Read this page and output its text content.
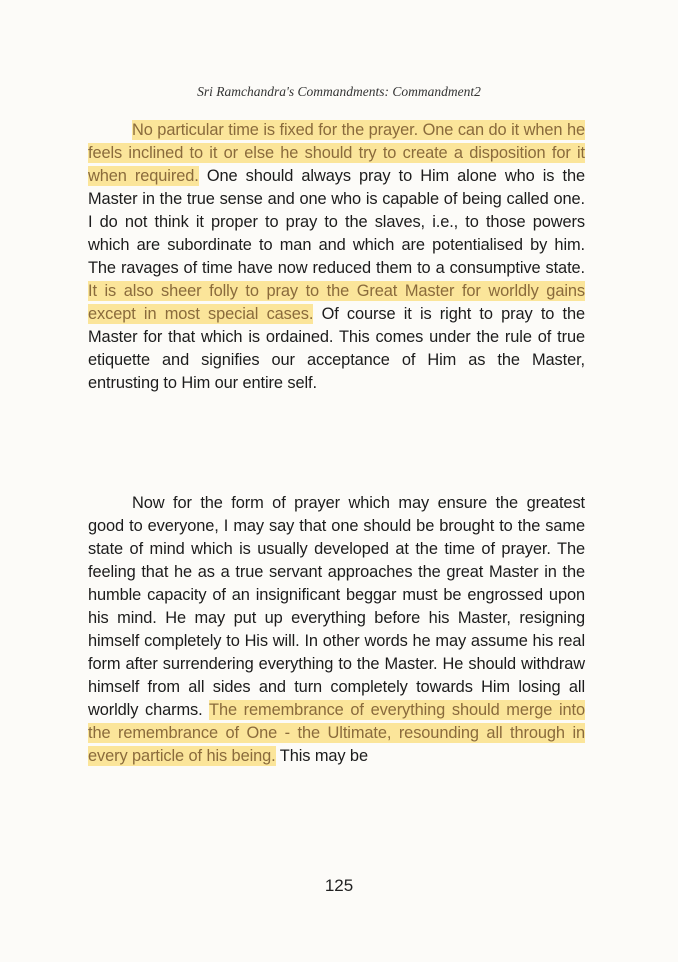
Sri Ramchandra's Commandments: Commandment2
No particular time is fixed for the prayer. One can do it when he feels inclined to it or else he should try to create a disposition for it when required. One should always pray to Him alone who is the Master in the true sense and one who is capable of being called one. I do not think it proper to pray to the slaves, i.e., to those powers which are subordinate to man and which are potentialised by him. The ravages of time have now reduced them to a consumptive state. It is also sheer folly to pray to the Great Master for worldly gains except in most special cases. Of course it is right to pray to the Master for that which is ordained. This comes under the rule of true etiquette and signifies our acceptance of Him as the Master, entrusting to Him our entire self.
Now for the form of prayer which may ensure the greatest good to everyone, I may say that one should be brought to the same state of mind which is usually developed at the time of prayer. The feeling that he as a true servant approaches the great Master in the humble capacity of an insignificant beggar must be engrossed upon his mind. He may put up everything before his Master, resigning himself completely to His will. In other words he may assume his real form after surrendering everything to the Master. He should withdraw himself from all sides and turn completely towards Him losing all worldly charms. The remembrance of everything should merge into the remembrance of One - the Ultimate, resounding all through in every particle of his being. This may be
125
